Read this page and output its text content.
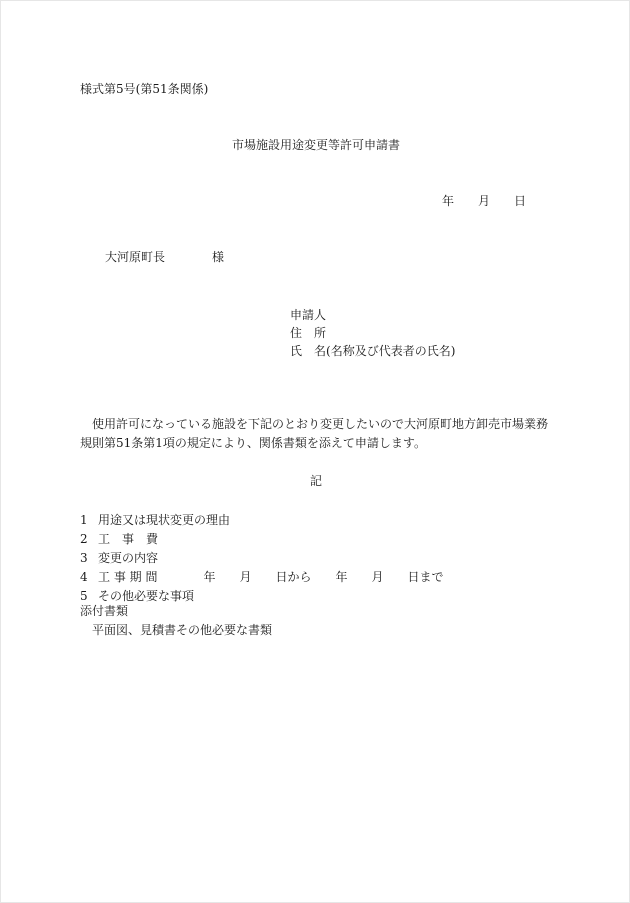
様式第5号(第51条関係)
市場施設用途変更等許可申請書
年 月 日
大河原町長	様
申請人
住 所
氏 名(名称及び代表者の氏名)
使用許可になっている施設を下記のとおり変更したいので大河原町地方卸売市場業務規則第51条第1項の規定により、関係書類を添えて申請します。
記
1 用途又は現状変更の理由
2 工　事　費
3 変更の内容
4 工 事 期 間	年 月 日から 年 月 日まで
5 その他必要な事項
添付書類
平面図、見積書その他必要な書類
